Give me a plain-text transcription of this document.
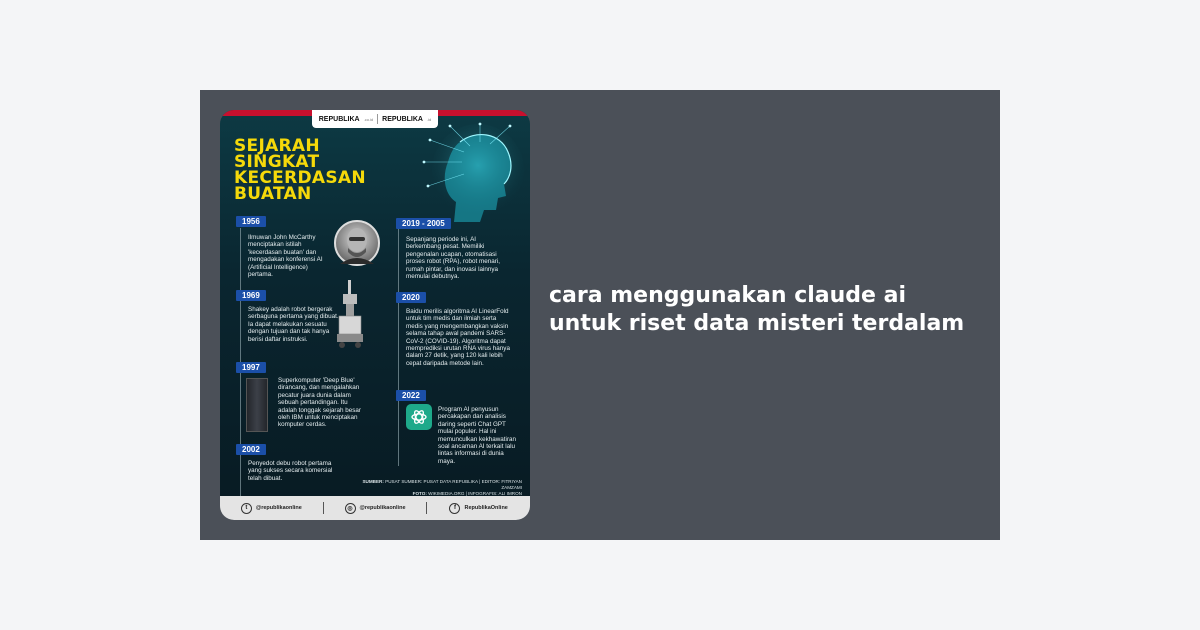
REPUBLIKA .co.id REPUBLIKA .id
SEJARAH
SINGKAT
KECERDASAN
BUATAN
1956
Ilmuwan John McCarthy menciptakan istilah 'kecerdasan buatan' dan mengadakan konferensi AI (Artificial Intelligence) pertama.
1969
Shakey adalah robot bergerak serbaguna pertama yang dibuat. Ia dapat melakukan sesuatu dengan tujuan dan tak hanya berisi daftar instruksi.
1997
Superkomputer 'Deep Blue' dirancang, dan mengalahkan pecatur juara dunia dalam sebuah pertandingan. Itu adalah tonggak sejarah besar oleh IBM untuk menciptakan komputer cerdas.
2002
Penyedot debu robot pertama yang sukses secara komersial telah dibuat.
2019 - 2005
Sepanjang periode ini, AI berkembang pesat. Memiliki pengenalan ucapan, otomatisasi proses robot (RPA), robot menari, rumah pintar, dan inovasi lainnya memulai debutnya.
2020
Baidu merilis algoritma AI LinearFold untuk tim medis dan ilmiah serta medis yang mengembangkan vaksin selama tahap awal pandemi SARS-CoV-2 (COVID-19). Algoritma dapat memprediksi urutan RNA virus hanya dalam 27 detik, yang 120 kali lebih cepat daripada metode lain.
2022
Program AI penyusun percakapan dan analisis daring seperti Chat GPT mulai populer. Hal ini memunculkan kekhawatiran soal ancaman AI terkait lalu lintas informasi di dunia maya.
SUMBER: PUSAT SUMBER: PUSAT DATA REPUBLIKA | EDITOR: FITRIYAN ZAMZAMI
FOTO: WIKIMEDIA.ORG | INFOGRAFIS: ALI IMRON
t	@republikaonline	◎	@republikaonline	f	RepublikaOnline
cara menggunakan claude ai untuk riset data misteri terdalam
